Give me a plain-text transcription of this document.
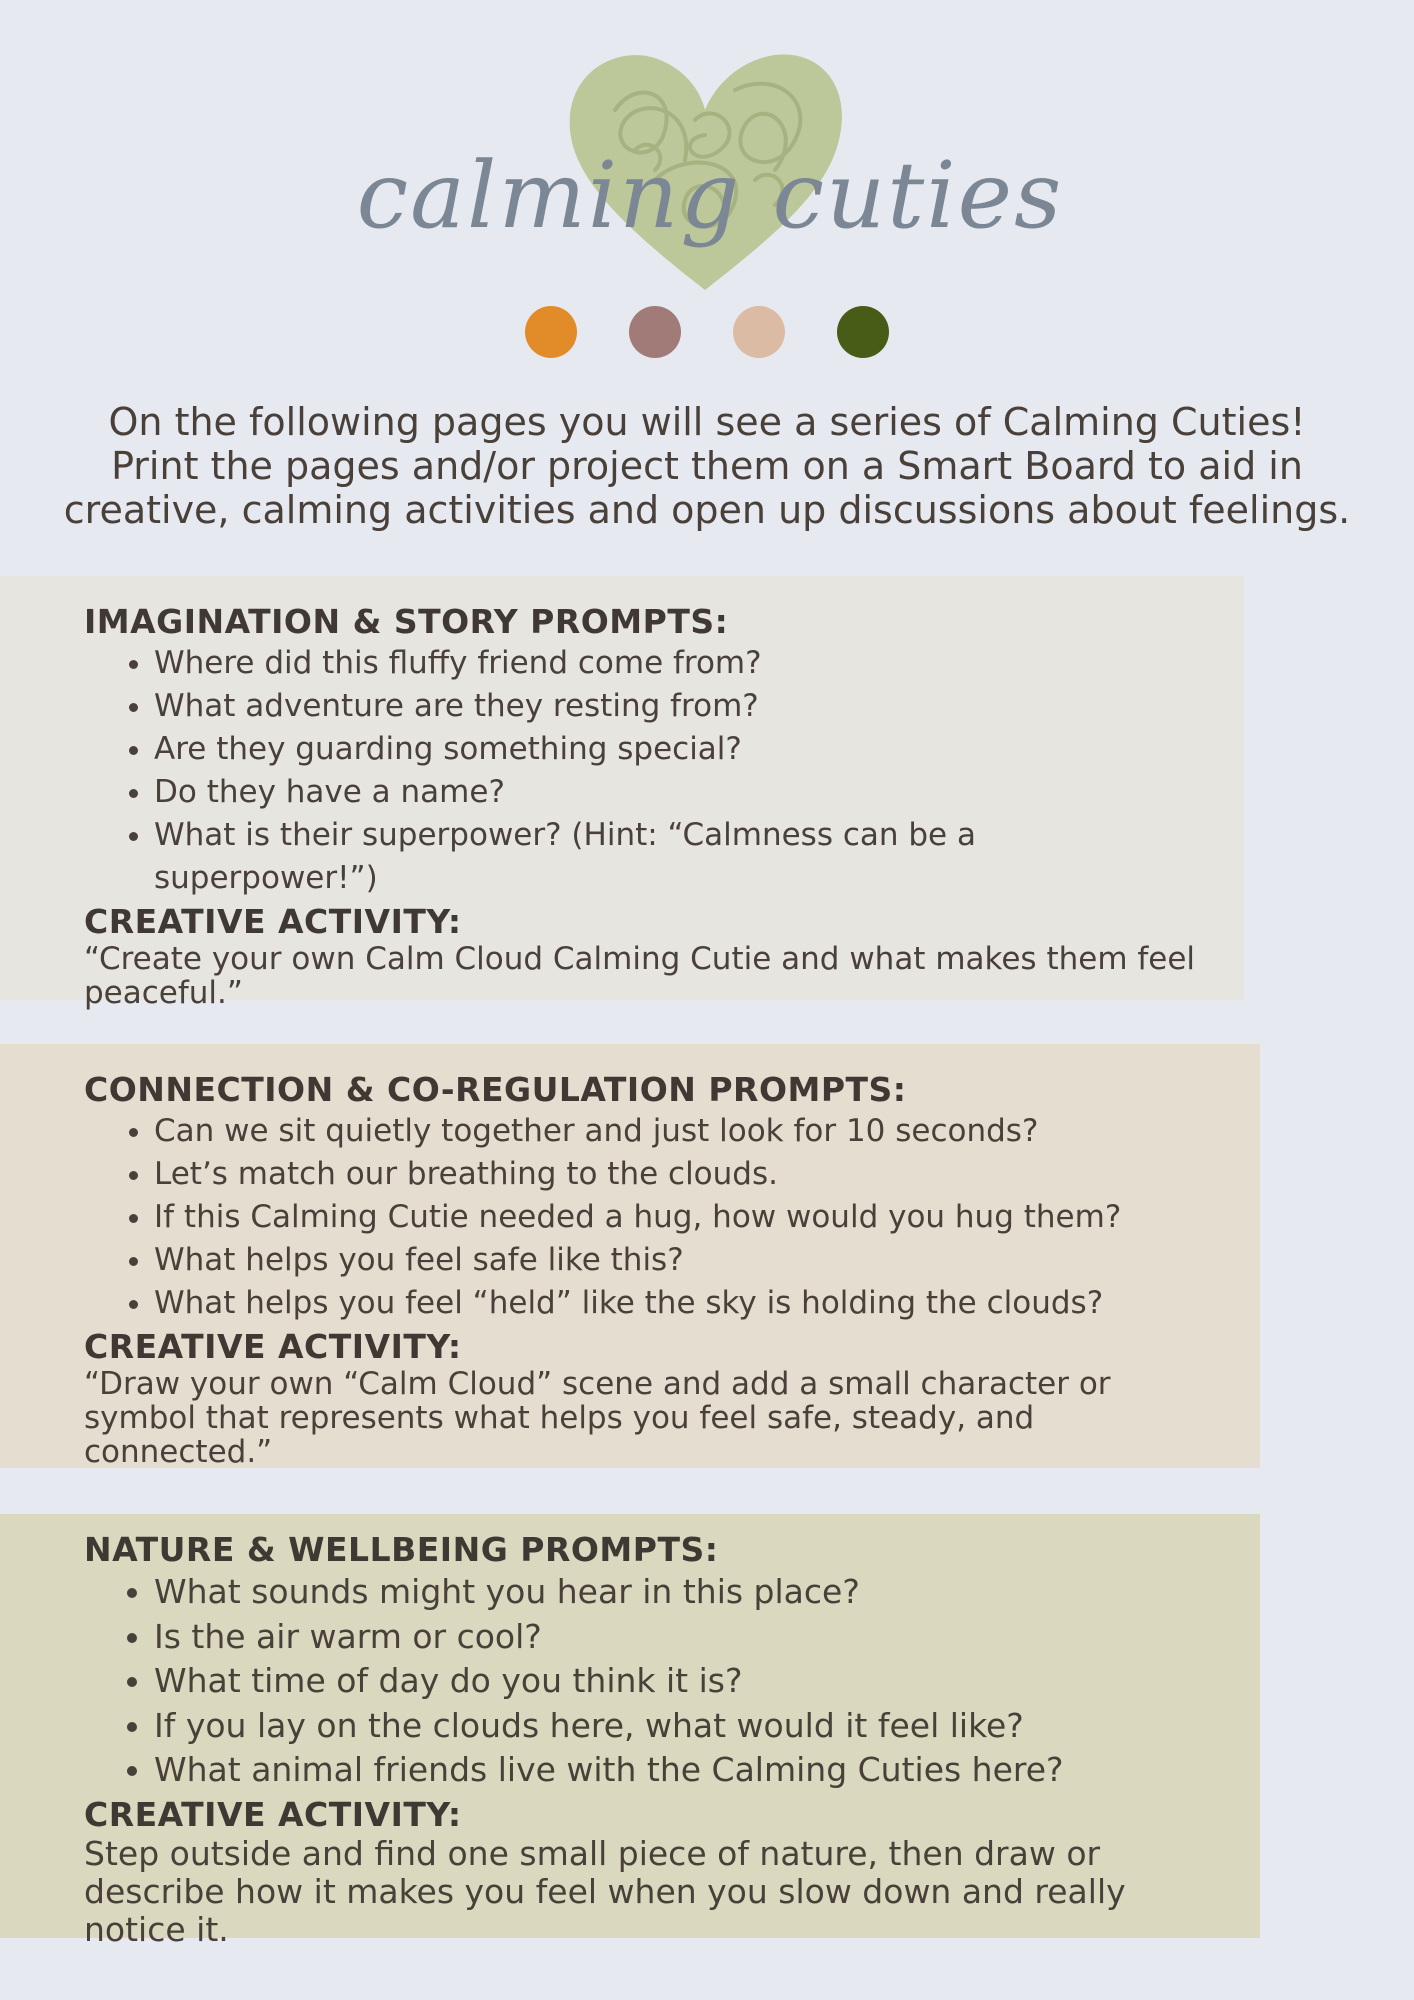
calming cuties

On the following pages you will see a series of Calming Cuties! Print the pages and/or project them on a Smart Board to aid in creative, calming activities and open up discussions about feelings.

IMAGINATION & STORY PROMPTS:
• Where did this fluffy friend come from?
• What adventure are they resting from?
• Are they guarding something special?
• Do they have a name?
• What is their superpower? (Hint: “Calmness can be a superpower!”)
CREATIVE ACTIVITY:

“Create your own Calm Cloud Calming Cutie and what makes them feel peaceful.”

CONNECTION & CO-REGULATION PROMPTS:
• Can we sit quietly together and just look for 10 seconds?
• Let’s match our breathing to the clouds.
• If this Calming Cutie needed a hug, how would you hug them?
• What helps you feel safe like this?
• What helps you feel “held” like the sky is holding the clouds?
CREATIVE ACTIVITY:

“Draw your own “Calm Cloud” scene and add a small character or symbol that represents what helps you feel safe, steady, and connected.”

NATURE & WELLBEING PROMPTS:
• What sounds might you hear in this place?
• Is the air warm or cool?
• What time of day do you think it is?
• If you lay on the clouds here, what would it feel like?
• What animal friends live with the Calming Cuties here?
CREATIVE ACTIVITY:

Step outside and find one small piece of nature, then draw or describe how it makes you feel when you slow down and really notice it.
